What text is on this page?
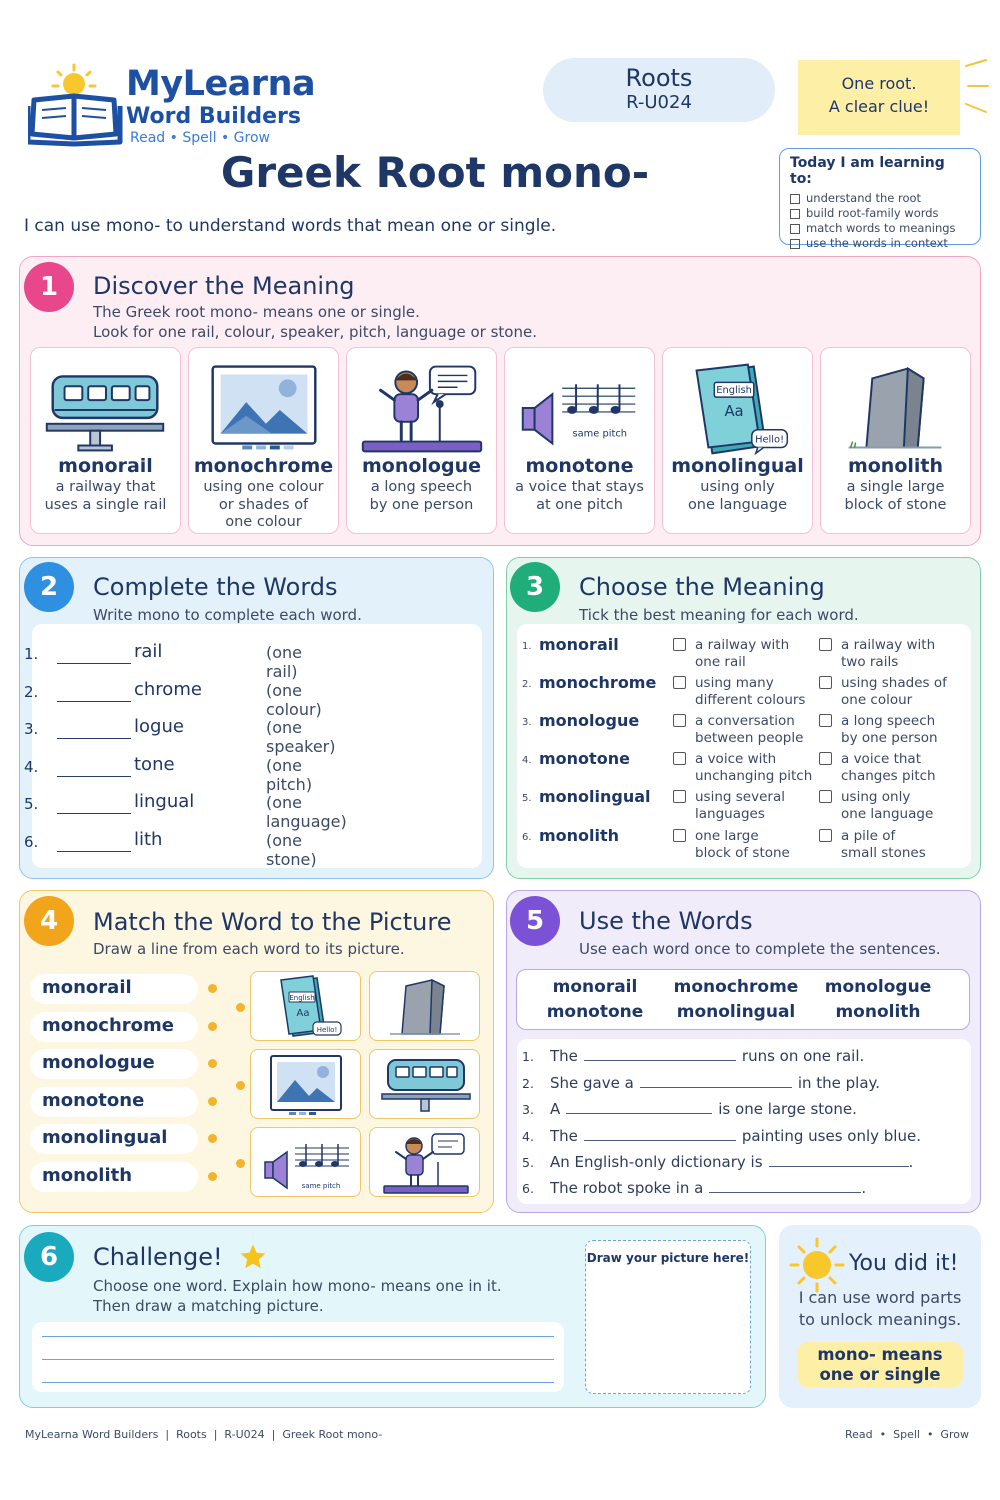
MyLearna
Word Builders
Read • Spell • Grow
Roots
R-U024
One root.
A clear clue!
Greek Root mono-
I can use mono- to understand words that mean one or single.
Today I am learning to:
understand the root
build root-family words
match words to meanings
use the words in context
1	Discover the Meaning
The Greek root mono- means one or single.
Look for one rail, colour, speaker, pitch, language or stone.
monorail
a railway that
uses a single rail
monochrome
using one colour
or shades of
one colour
monologue
a long speech
by one person
same pitch
monotone
a voice that stays
at one pitch
English
Aa
Hello!
monolingual
using only
one language
monolith
a single large
block of stone
2	Complete the Words
Write mono to complete each word.
1.	rail	(one rail)
2.	chrome	(one colour)
3.	logue	(one speaker)
4.	tone	(one pitch)
5.	lingual	(one language)
6.	lith	(one stone)
3	Choose the Meaning
Tick the best meaning for each word.
1. monorail	a railway with
one rail
a railway with
two rails
2. monochrome	using many
different colours
using shades of
one colour
3. monologue	a conversation
between people
a long speech
by one person
4. monotone	a voice with
unchanging pitch
a voice that
changes pitch
5. monolingual	using several
languages
using only
one language
6. monolith	one large
block of stone
a pile of
small stones
4	Match the Word to the Picture
Draw a line from each word to its picture.
monorail
monochrome
monologue
monotone
monolingual
monolith
English
Aa
Hello!
same pitch
5	Use the Words
Use each word once to complete the sentences.
monorail	monochrome	monologue
monotone	monolingual	monolith
1. The	runs on one rail.
2. She gave a	in the play.
3. A	is one large stone.
4. The	painting uses only blue.
5. An English-only dictionary is	.
6. The robot spoke in a	.
6	Challenge!
Choose one word. Explain how mono- means one in it.
Then draw a matching picture.
Draw your picture here!	You did it!
I can use word parts
to unlock meanings.
mono- means
one or single
MyLearna Word Builders  |  Roots  |  R-U024  |  Greek Root mono-	Read  •  Spell  •  Grow
